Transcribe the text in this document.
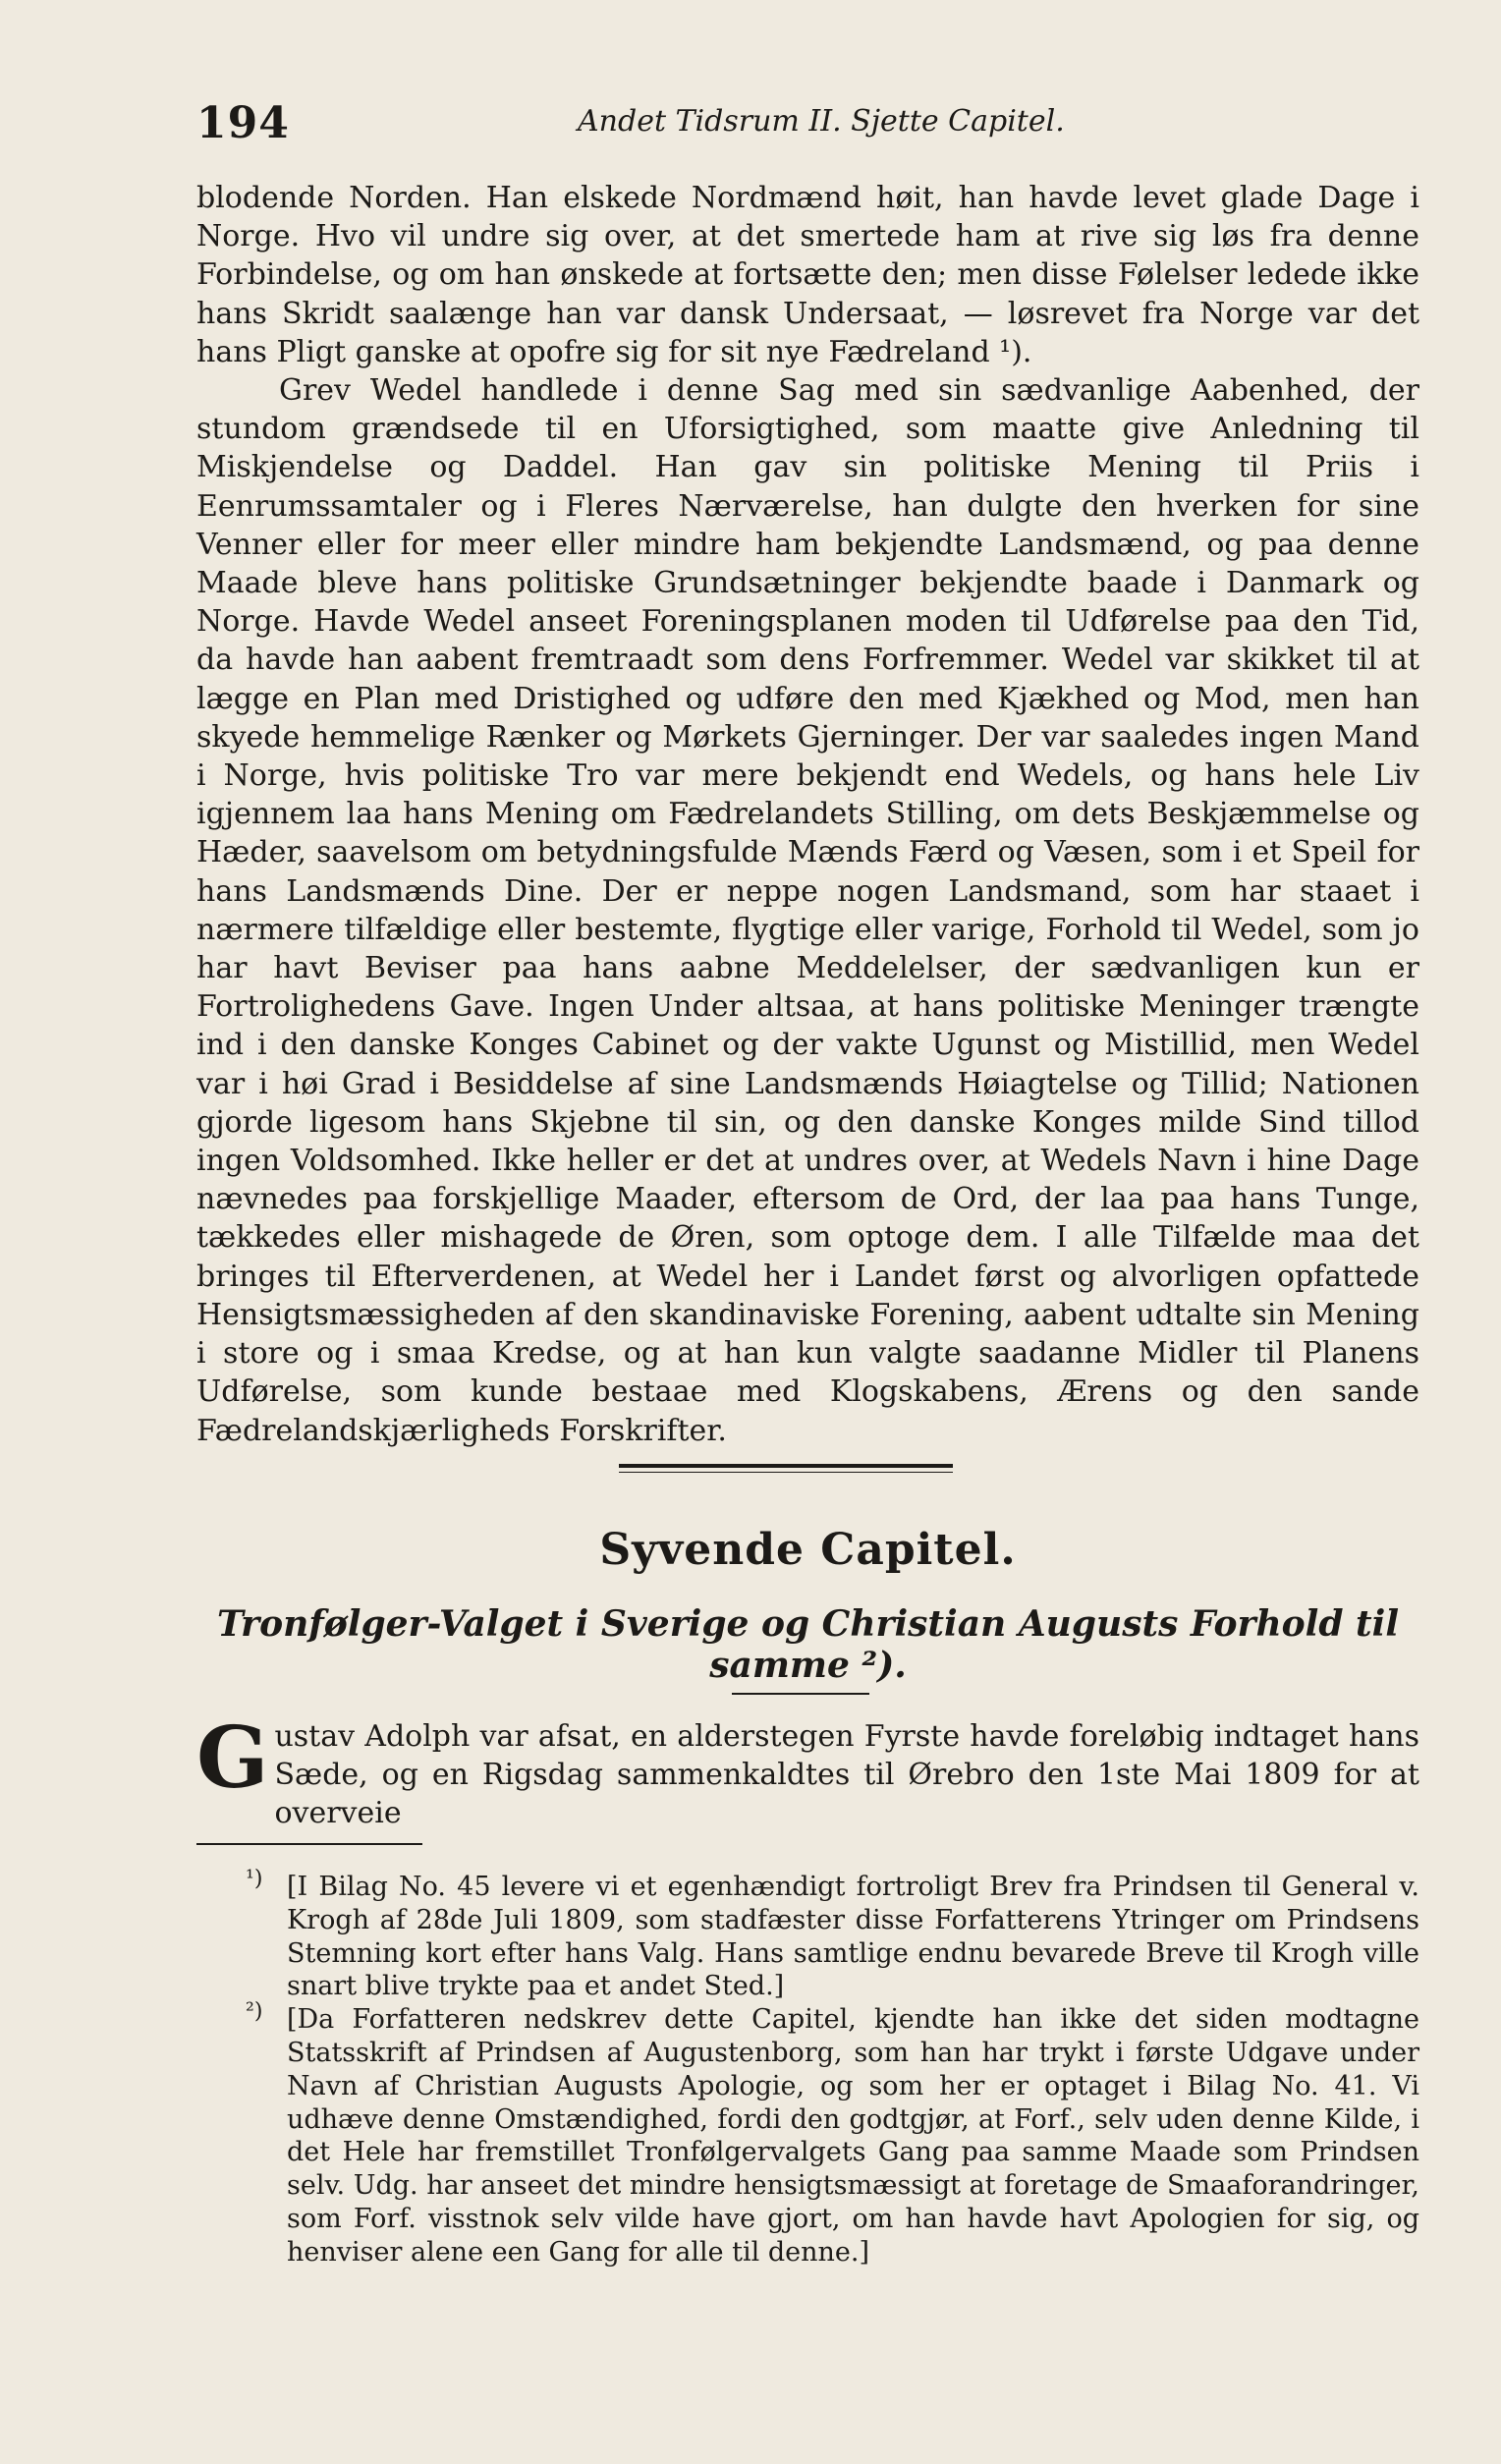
194	Andet Tidsrum II. Sjette Capitel.

blodende Norden. Han elskede Nordmænd høit, han havde levet glade Dage i Norge. Hvo vil undre sig over, at det smertede ham at rive sig løs fra denne Forbindelse, og om han ønskede at fortsætte den; men disse Følelser ledede ikke hans Skridt saalænge han var dansk Undersaat, — løsrevet fra Norge var det hans Pligt ganske at opofre sig for sit nye Fædreland ¹).

Grev Wedel handlede i denne Sag med sin sædvanlige Aabenhed, der stundom grændsede til en Uforsigtighed, som maatte give Anledning til Miskjendelse og Daddel. Han gav sin politiske Mening til Priis i Eenrumssamtaler og i Fleres Nærværelse, han dulgte den hverken for sine Venner eller for meer eller mindre ham bekjendte Landsmænd, og paa denne Maade bleve hans politiske Grundsætninger bekjendte baade i Danmark og Norge. Havde Wedel anseet Foreningsplanen moden til Udførelse paa den Tid, da havde han aabent fremtraadt som dens Forfremmer. Wedel var skikket til at lægge en Plan med Dristighed og udføre den med Kjækhed og Mod, men han skyede hemmelige Rænker og Mørkets Gjerninger. Der var saaledes ingen Mand i Norge, hvis politiske Tro var mere bekjendt end Wedels, og hans hele Liv igjennem laa hans Mening om Fædrelandets Stilling, om dets Beskjæmmelse og Hæder, saavelsom om betydningsfulde Mænds Færd og Væsen, som i et Speil for hans Landsmænds Dine. Der er neppe nogen Landsmand, som har staaet i nærmere tilfældige eller bestemte, flygtige eller varige, Forhold til Wedel, som jo har havt Beviser paa hans aabne Meddelelser, der sædvanligen kun er Fortrolighedens Gave. Ingen Under altsaa, at hans politiske Meninger trængte ind i den danske Konges Cabinet og der vakte Ugunst og Mistillid, men Wedel var i høi Grad i Besiddelse af sine Landsmænds Høiagtelse og Tillid; Nationen gjorde ligesom hans Skjebne til sin, og den danske Konges milde Sind tillod ingen Voldsomhed. Ikke heller er det at undres over, at Wedels Navn i hine Dage nævnedes paa forskjellige Maader, eftersom de Ord, der laa paa hans Tunge, tækkedes eller mishagede de Øren, som optoge dem. I alle Tilfælde maa det bringes til Efterverdenen, at Wedel her i Landet først og alvorligen opfattede Hensigtsmæssigheden af den skandinaviske Forening, aabent udtalte sin Mening i store og i smaa Kredse, og at han kun valgte saadanne Midler til Planens Udførelse, som kunde bestaae med Klogskabens, Ærens og den sande Fædrelandskjærligheds Forskrifter.

Syvende Capitel.
Tronfølger-Valget i Sverige og Christian Augusts Forhold til samme ²).
Gustav Adolph var afsat, en alderstegen Fyrste havde foreløbig indtaget hans Sæde, og en Rigsdag sammenkaldtes til Ørebro den 1ste Mai 1809 for at overveie
¹) [I Bilag No. 45 levere vi et egenhændigt fortroligt Brev fra Prindsen til General v. Krogh af 28de Juli 1809, som stadfæster disse Forfatterens Ytringer om Prindsens Stemning kort efter hans Valg. Hans samtlige endnu bevarede Breve til Krogh ville snart blive trykte paa et andet Sted.]
²) [Da Forfatteren nedskrev dette Capitel, kjendte han ikke det siden modtagne Statsskrift af Prindsen af Augustenborg, som han har trykt i første Udgave under Navn af Christian Augusts Apologie, og som her er optaget i Bilag No. 41. Vi udhæve denne Omstændighed, fordi den godtgjør, at Forf., selv uden denne Kilde, i det Hele har fremstillet Tronfølgervalgets Gang paa samme Maade som Prindsen selv. Udg. har anseet det mindre hensigtsmæssigt at foretage de Smaaforandringer, som Forf. visstnok selv vilde have gjort, om han havde havt Apologien for sig, og henviser alene een Gang for alle til denne.]
